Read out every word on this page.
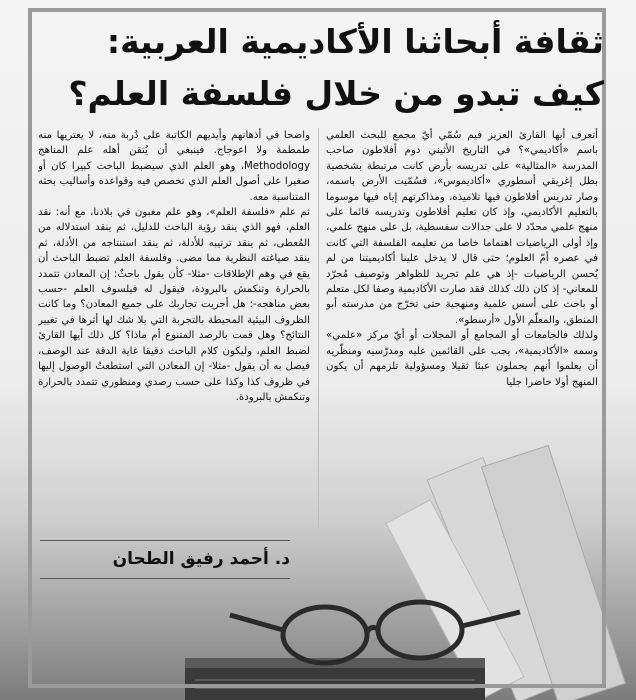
ثقافة أبحاثنا الأكاديمية العربية:
كيف تبدو من خلال فلسفة العلم؟

أتعرف أيها القارئ العزيز فيم سُمّي أيّ مجمع للبحث العلمي باسم «أكاديمي»؟ في التاريخ الأثيني دوم أفلاطون صاحب المدرسة «المثالية» على تدريسه بأرض كانت مرتبطة بشخصية بطل إغريقي أسطوري «أكاديموس»، فسُمّيت الأرض باسمه، وصار تدريس أفلاطون فيها تلاميذه، ومذاكرتهم إياه فيها موسوما بالتعليم الأكاديمي، وإذ كان تعليم أفلاطون وتدريسه قائما على منهج علمي محدّد لا على جدالات سفسطية، بل على منهج علمي، وإذ أولى الرياضيات اهتماما خاصا من تعليمه الفلسفة التي كانت في عصره أمّ العلوم؛ حتى قال لا يدخل علينا أكاديميتنا من لم يُحسن الرياضيات -إذ هي علم تجريد للظواهر وتوصيف مُجرّد للمعاني- إذ كان ذلك كذلك فقد صارت الأكاديمية وصفا لكل متعلم أو باحث على أسس علمية ومنهجية حتى تخرّج من مدرسته أبو المنطق، والمعلّم الأول «أرسطو».

ولذلك فالجامعات أو المجامع أو المجلات أو أيّ مركز «علمي» وسمه «الأكاديمية»، يجب على القائمين عليه ومدرّسيه ومنظّريه أن يعلموا أنهم يحملون عبئا ثقيلا ومسؤولية تلزمهم أن يكون المنهج أولا حاضرا جليا

واضحا في أذهانهم وأيديهم الكاتبة على دُربة منه، لا يعتريها منه طمطمة ولا اعوجاج. فينبغي أن يُتقن أهله علم المناهج Methodology، وهو العلم الذي سيضبط الباحث كبيرا كان أو صغيرا على أصول العلم الذي تخصص فيه وقواعده وأساليب بحثه المتناسبة معه.

ثم علم «فلسفة العلم»، وهو علم مغبون في بلادنا، مع أنه: نقد العلم، فهو الذي ينقد رؤية الباحث للدليل، ثم ينقد استدلاله من المُعطى، ثم ينقد ترتيبه للأدلة، ثم ينقد استنتاجه من الأدلة، ثم ينقد صياغته النظرية مما مضى. وفلسفة العلم تضبط الباحث أن يقع في وهم الإطلاقات -مثلا- كأن يقول باحثٌ: إن المعادن تتمدد بالحرارة وتنكمش بالبرودة، فيقول له فيلسوف العلم -حسب بعض مناهجه-: هل أجريت تجاربك على جميع المعادن؟ وما كانت الظروف البيئية المحيطة بالتجربة التي بلا شك لها أثرها في تغيير النتائج؟ وهل قمت بالرصد المتنوع أم ماذا؟ كل ذلك أيها القارئ لضبط العلم، وليكون كلام الباحث دقيقا غاية الدقة عند الوصف، فيصل به أن يقول -مثلا- إن المعادن التي استطعتُ الوصول إليها في ظروف كذا وكذا على حسب رصدي ومنظوري تتمدد بالحرارة وتنكمش بالبرودة.

د. أحمد رفيق الطحان
